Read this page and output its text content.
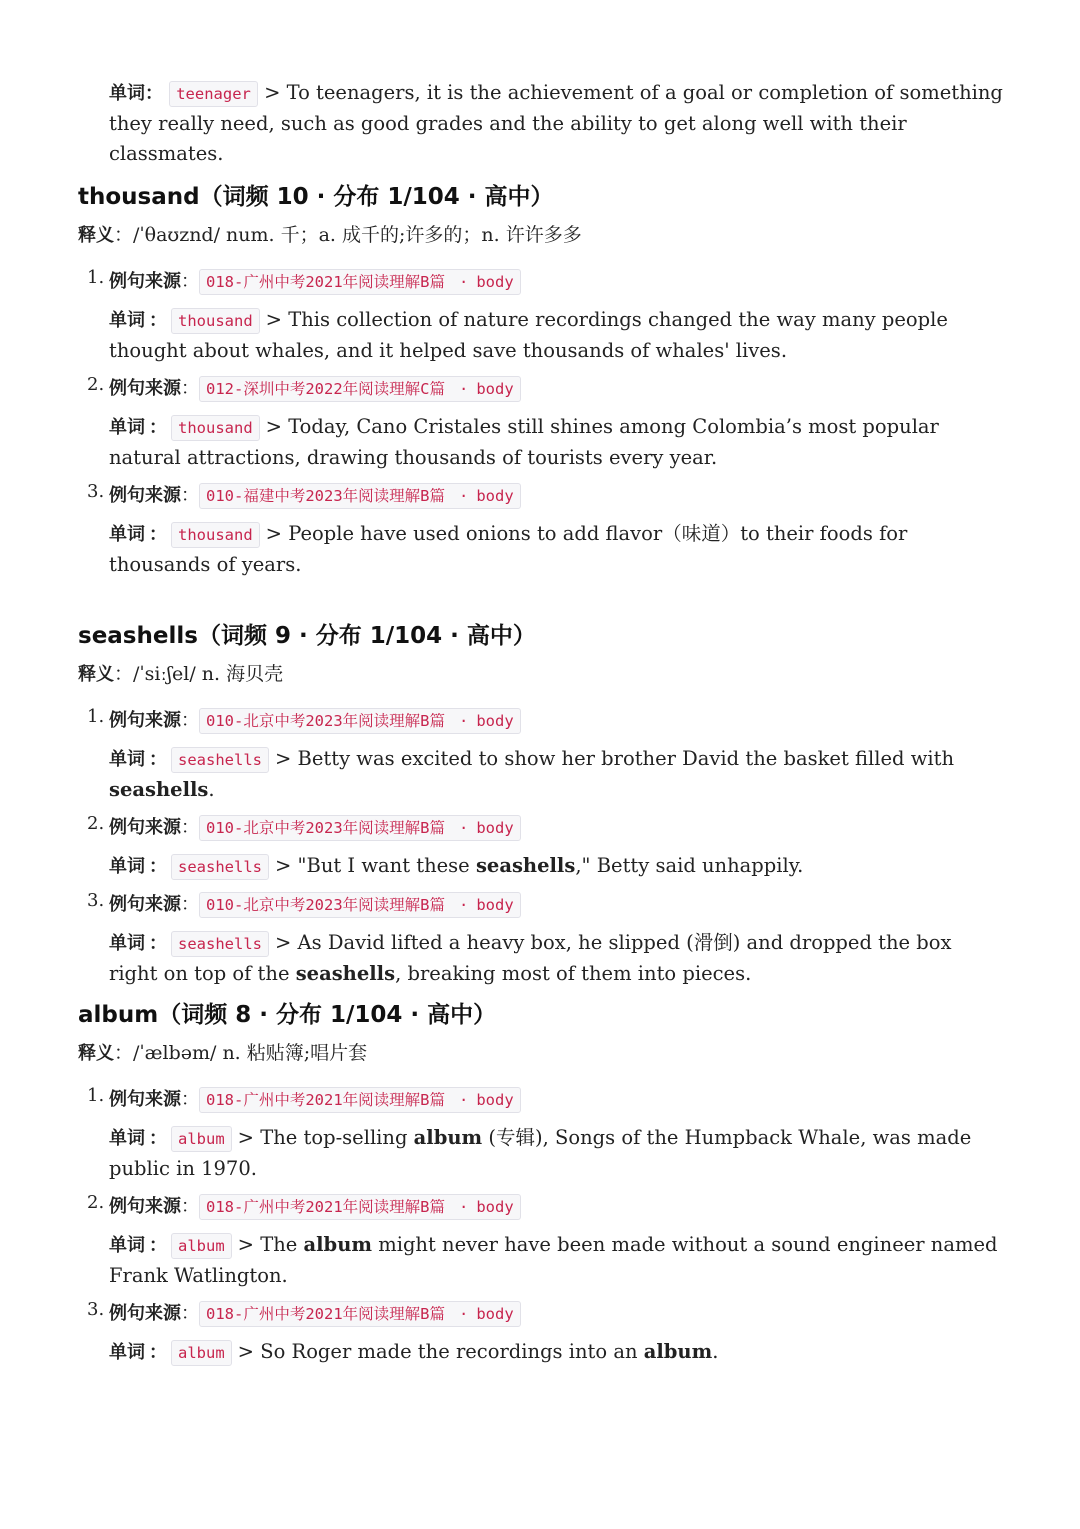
单词： teenager > To teenagers, it is the achievement of a goal or completion of something they really need, such as good grades and the ability to get along well with their classmates.
thousand（词频 10 · 分布 1/104 · 高中）
释义：/ˈθaʊznd/ num. 千；a. 成千的;许多的；n. 许许多多
1. 例句来源： 018-广州中考2021年阅读理解B篇 · body
单词 ： thousand > This collection of nature recordings changed the way many people thought about whales, and it helped save thousands of whales' lives.
2. 例句来源： 012-深圳中考2022年阅读理解C篇 · body
单词 ： thousand > Today, Cano Cristales still shines among Colombia’s most popular natural attractions, drawing thousands of tourists every year.
3. 例句来源： 010-福建中考2023年阅读理解B篇 · body
单词 ： thousand > People have used onions to add flavor（味道）to their foods for thousands of years.
seashells（词频 9 · 分布 1/104 · 高中）
释义：/ˈsiːʃel/ n. 海贝壳
1. 例句来源： 010-北京中考2023年阅读理解B篇 · body
单词 ： seashells > Betty was excited to show her brother David the basket filled with seashells.
2. 例句来源： 010-北京中考2023年阅读理解B篇 · body
单词 ： seashells > "But I want these seashells," Betty said unhappily.
3. 例句来源： 010-北京中考2023年阅读理解B篇 · body
单词 ： seashells > As David lifted a heavy box, he slipped (滑倒) and dropped the box right on top of the seashells, breaking most of them into pieces.
album（词频 8 · 分布 1/104 · 高中）
释义：/ˈælbəm/ n. 粘贴簿;唱片套
1. 例句来源： 018-广州中考2021年阅读理解B篇 · body
单词 ： album > The top-selling album (专辑), Songs of the Humpback Whale, was made public in 1970.
2. 例句来源： 018-广州中考2021年阅读理解B篇 · body
单词 ： album > The album might never have been made without a sound engineer named Frank Watlington.
3. 例句来源： 018-广州中考2021年阅读理解B篇 · body
单词 ： album > So Roger made the recordings into an album.
